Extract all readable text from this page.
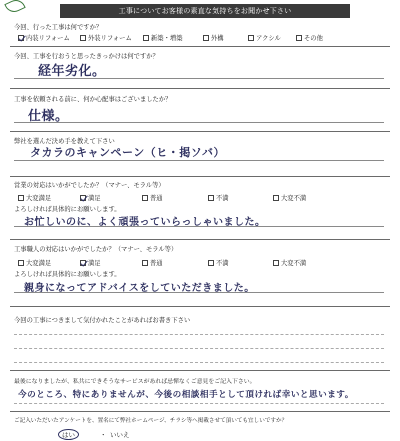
工事についてお客様の素直な気持ちをお聞かせ下さい
今回、行った工事は何ですか？
内装リフォーム	外装リフォーム	新築・増築	外構	アクシル	その他
今回、工事を行おうと思ったきっかけは何ですか？
経年劣化。
工事を依頼される前に、何か心配事はございましたか？
仕様。
弊社を選んだ決め手を教えて下さい
タカラのキャンペーン（ヒ・掲ソバ）
営業の対応はいかがでしたか？（マナー、モラル等）
大変満足	満足	普通	不満	大変不満
よろしければ具体的にお願いします。
お忙しいのに、よく頑張っていらっしゃいました。
工事職人の対応はいかがでしたか？（マナー、モラル等）
大変満足	満足	普通	不満	大変不満
よろしければ具体的にお願いします。
親身になってアドバイスをしていただきました。
今回の工事につきまして気付かれたことがあればお書き下さい
最後になりましたが、私共にできそうなサービスがあれば忌憚なくご意見をご記入下さい。
今のところ、特にありませんが、今後の相談相手として頂ければ幸いと思います。
ご記入いただいたアンケートを、置名にて弊社ホームページ、チラシ等へ掲載させて頂いても宜しいですか？
はい	・ いいえ
